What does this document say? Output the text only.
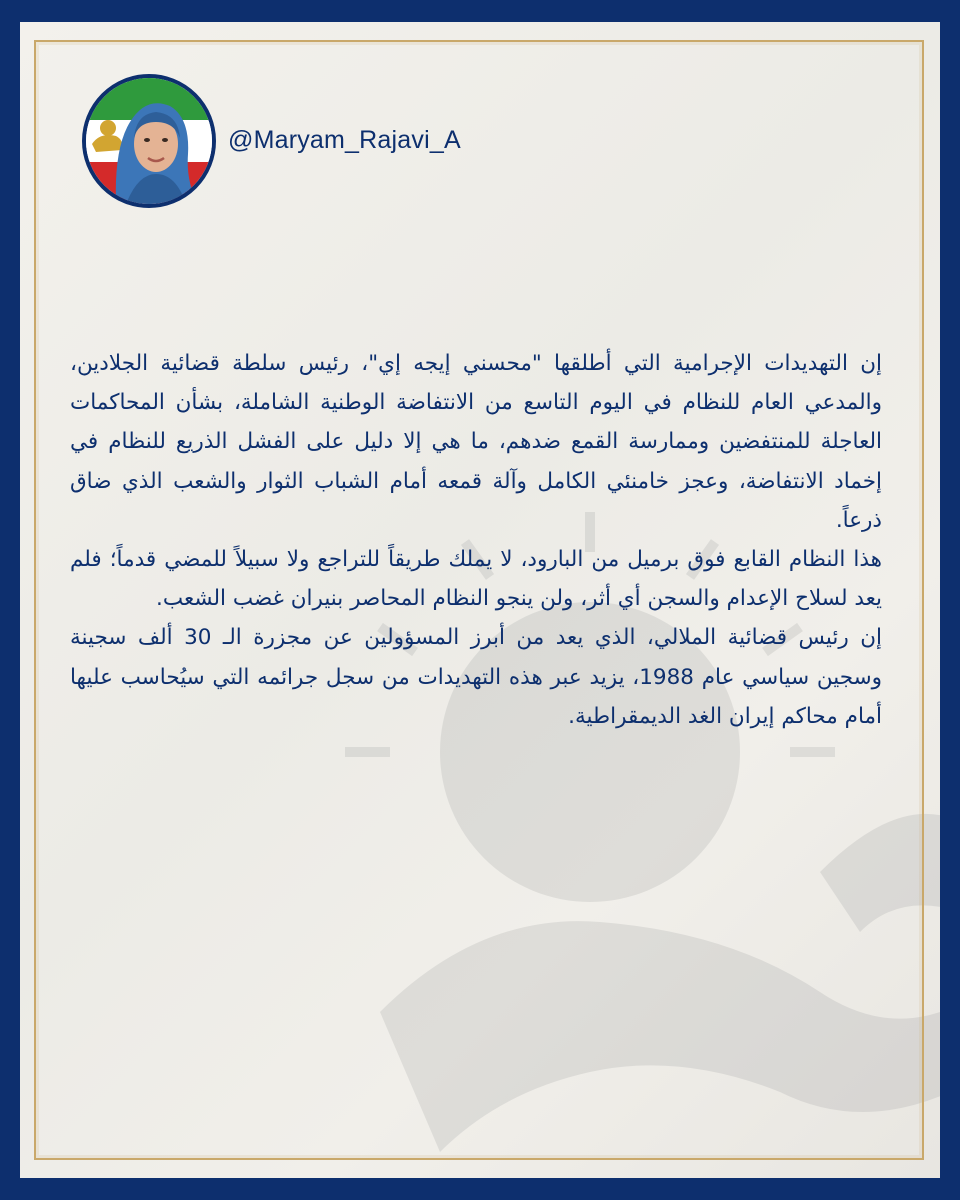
@Maryam_Rajavi_A

إن التهديدات الإجرامية التي أطلقها "محسني إيجه إي"، رئيس سلطة قضائية الجلادين، والمدعي العام للنظام في اليوم التاسع من الانتفاضة الوطنية الشاملة، بشأن المحاكمات العاجلة للمنتفضين وممارسة القمع ضدهم، ما هي إلا دليل على الفشل الذريع للنظام في إخماد الانتفاضة، وعجز خامنئي الكامل وآلة قمعه أمام الشباب الثوار والشعب الذي ضاق ذرعاً.

هذا النظام القابع فوق برميل من البارود، لا يملك طريقاً للتراجع ولا سبيلاً للمضي قدماً؛ فلم يعد لسلاح الإعدام والسجن أي أثر، ولن ينجو النظام المحاصر بنيران غضب الشعب.

إن رئيس قضائية الملالي، الذي يعد من أبرز المسؤولين عن مجزرة الـ 30 ألف سجينة وسجين سياسي عام 1988، يزيد عبر هذه التهديدات من سجل جرائمه التي سيُحاسب عليها أمام محاكم إيران الغد الديمقراطية.
